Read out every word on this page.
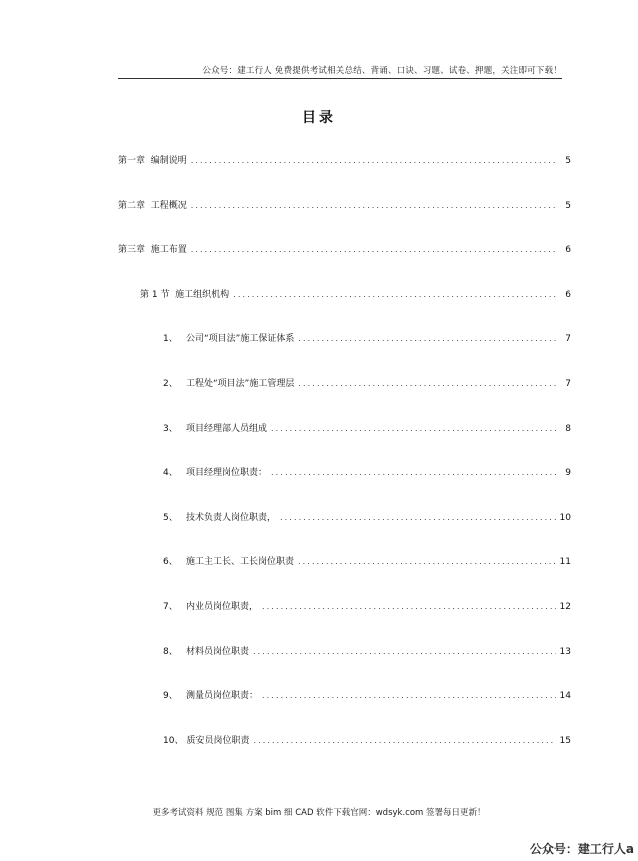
公众号：建工行人 免费提供考试相关总结、背诵、口诀、习题、试卷、押题，关注即可下载！
目录
第一章  编制说明 .....	5
第二章  工程概况 .....	5
第三章  施工布置 .....	6
第 1 节  施工组织机构 .....	6
1、 公司“项目法”施工保证体系 .....	7
2、 工程处“项目法”施工管理层 .....	7
3、 项目经理部人员组成 .....	8
4、 项目经理岗位职责： .....	9
5、 技术负责人岗位职责， .....	10
6、 施工主工长、工长岗位职责 .....	11
7、 内业员岗位职责， .....	12
8、 材料员岗位职责 .....	13
9、 测量员岗位职责： .....	14
10、 质安员岗位职责 .....	15
更多考试资料 规范 图集 方案 bim 细 CAD 软件下载官网：wdsyk.com 签署每日更新！
公众号：建工行人a
